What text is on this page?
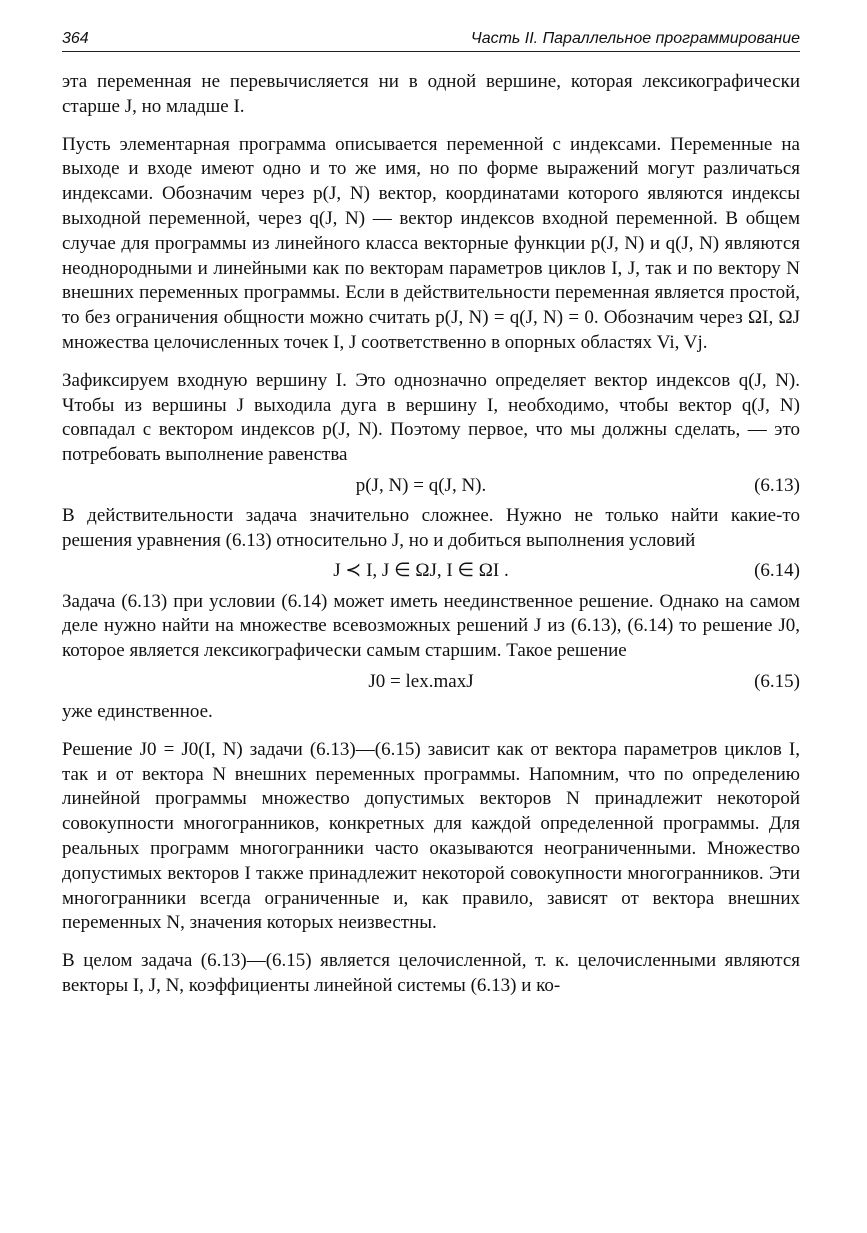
364	Часть II. Параллельное программирование

эта переменная не перевычисляется ни в одной вершине, которая лексикографически старше J, но младше I.

Пусть элементарная программа описывается переменной с индексами. Переменные на выходе и входе имеют одно и то же имя, но по форме выражений могут различаться индексами. Обозначим через p(J, N) вектор, координатами которого являются индексы выходной переменной, через q(J, N) — вектор индексов входной переменной. В общем случае для программы из линейного класса векторные функции p(J, N) и q(J, N) являются неоднородными и линейными как по векторам параметров циклов I, J, так и по вектору N внешних переменных программы. Если в действительности переменная является простой, то без ограничения общности можно считать p(J, N) = q(J, N) = 0. Обозначим через ΩI, ΩJ множества целочисленных точек I, J соответственно в опорных областях Vi, Vj.

Зафиксируем входную вершину I. Это однозначно определяет вектор индексов q(J, N). Чтобы из вершины J выходила дуга в вершину I, необходимо, чтобы вектор q(J, N) совпадал с вектором индексов p(J, N). Поэтому первое, что мы должны сделать, — это потребовать выполнение равенства

p(J, N) = q(J, N).	(6.13)

В действительности задача значительно сложнее. Нужно не только найти какие-то решения уравнения (6.13) относительно J, но и добиться выполнения условий

J ≺ I, J ∈ ΩJ, I ∈ ΩI .	(6.14)

Задача (6.13) при условии (6.14) может иметь неединственное решение. Однако на самом деле нужно найти на множестве всевозможных решений J из (6.13), (6.14) то решение J0, которое является лексикографически самым старшим. Такое решение

J0 = lex.maxJ	(6.15)

уже единственное.

Решение J0 = J0(I, N) задачи (6.13)—(6.15) зависит как от вектора параметров циклов I, так и от вектора N внешних переменных программы. Напомним, что по определению линейной программы множество допустимых векторов N принадлежит некоторой совокупности многогранников, конкретных для каждой определенной программы. Для реальных программ многогранники часто оказываются неограниченными. Множество допустимых векторов I также принадлежит некоторой совокупности многогранников. Эти многогранники всегда ограниченные и, как правило, зависят от вектора внешних переменных N, значения которых неизвестны.

В целом задача (6.13)—(6.15) является целочисленной, т. к. целочисленными являются векторы I, J, N, коэффициенты линейной системы (6.13) и ко-
